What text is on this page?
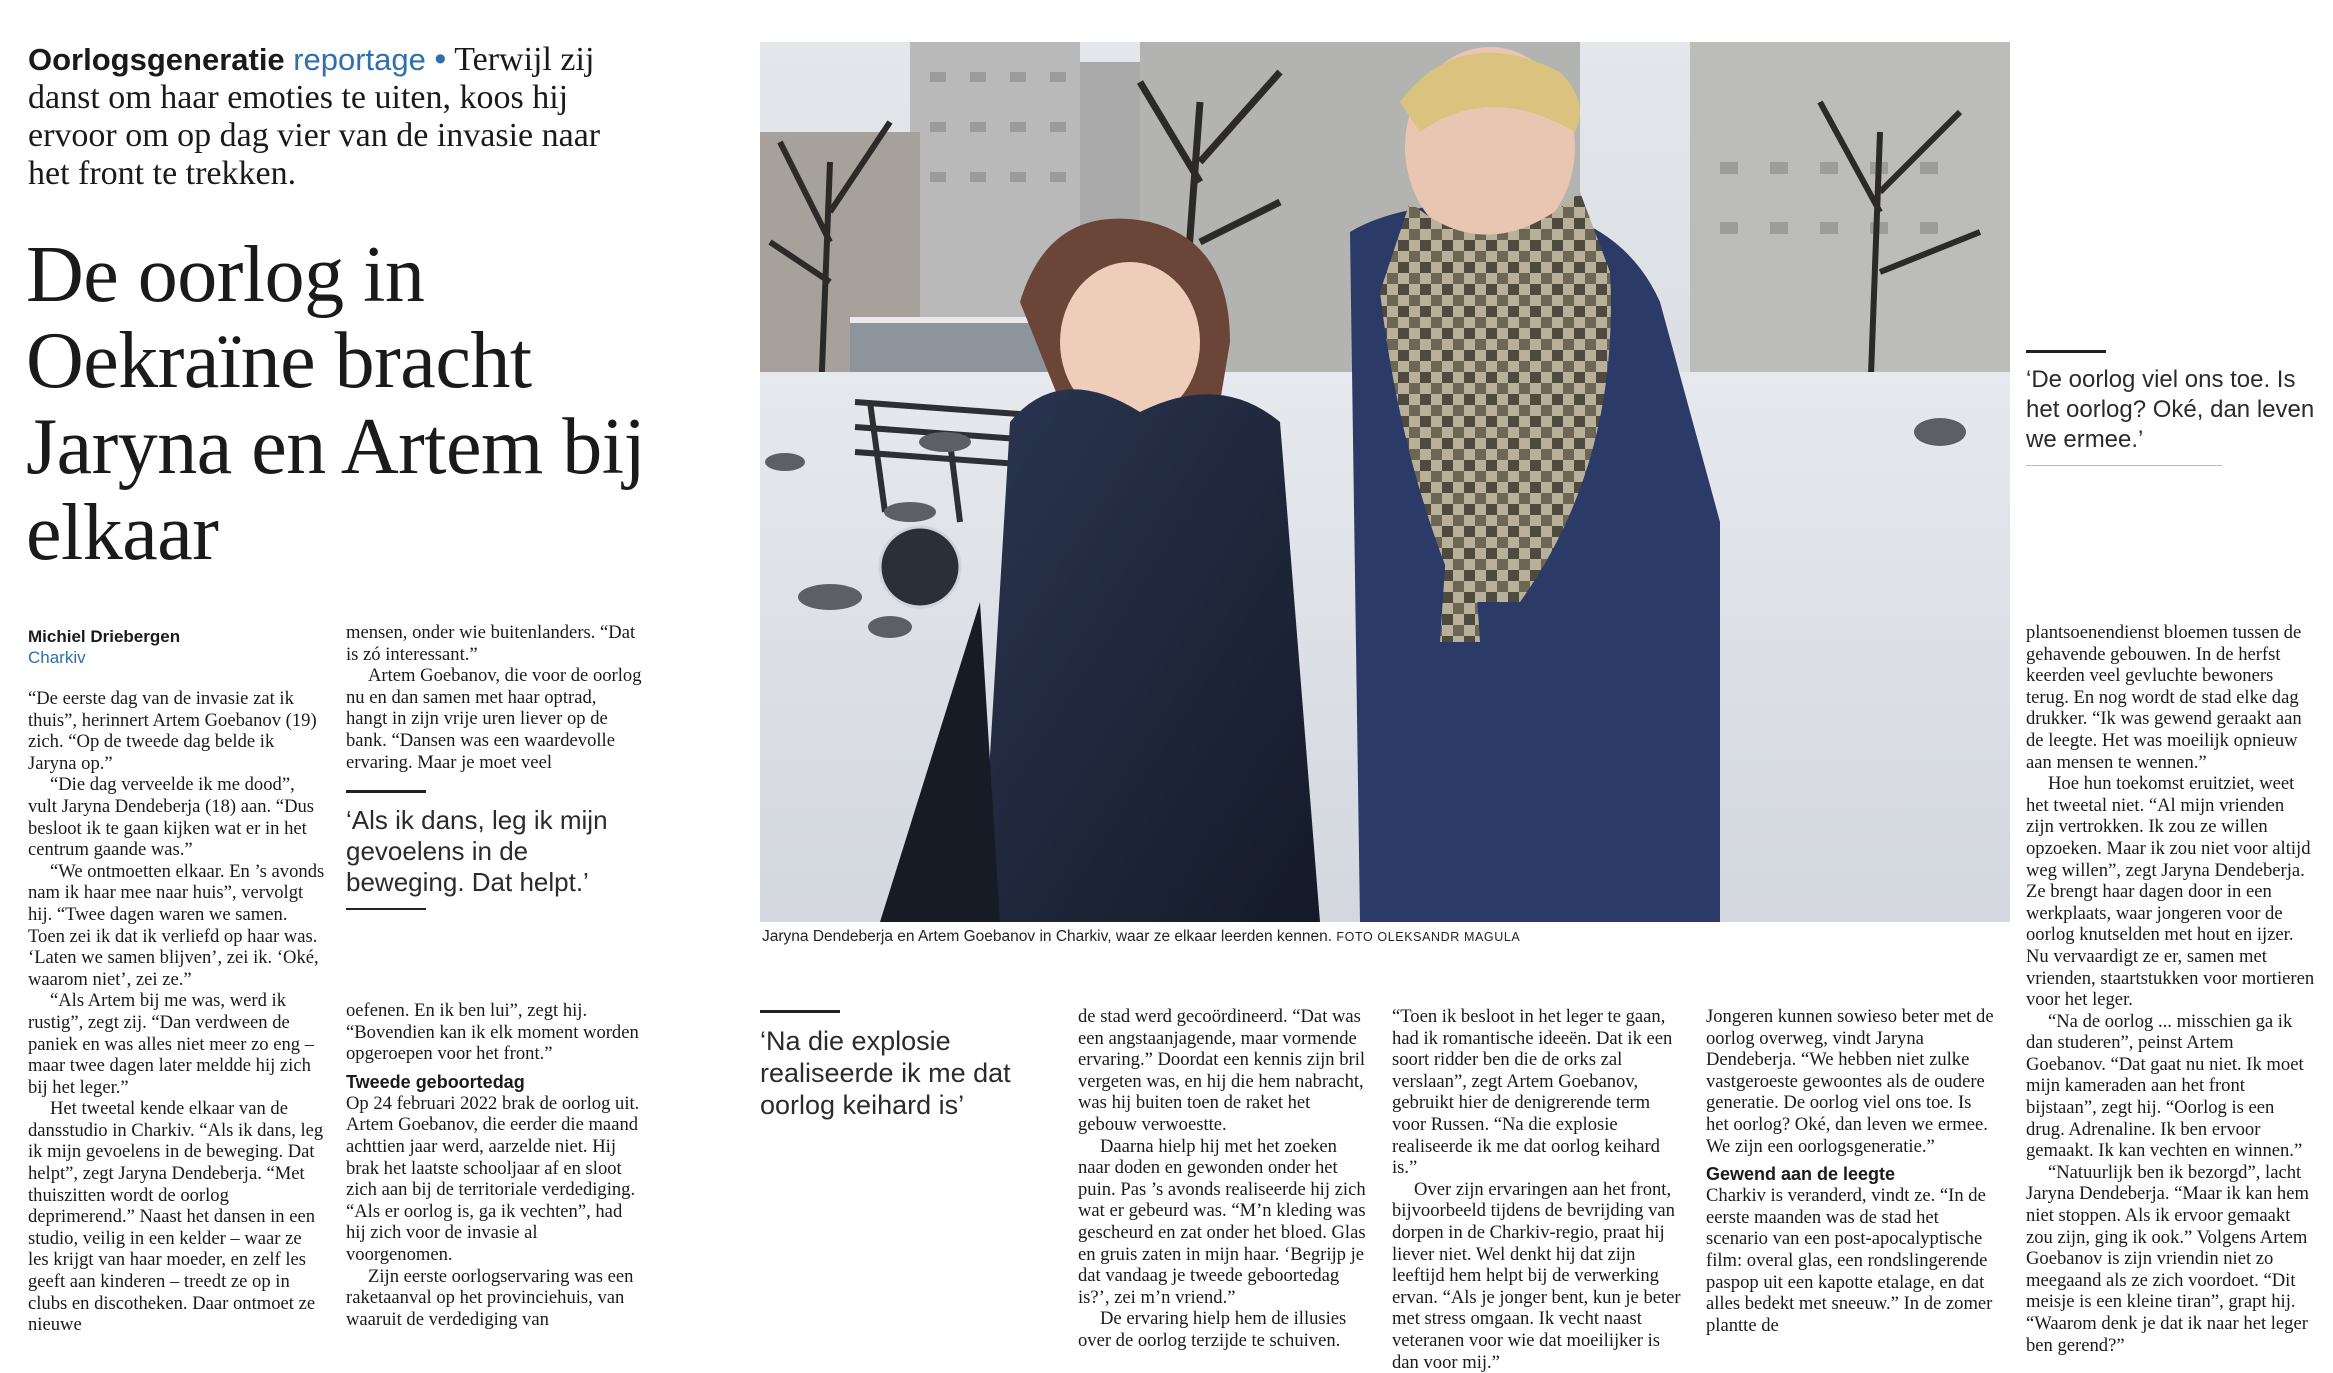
Oorlogsgeneratie reportage • Terwijl zij danst om haar emoties te uiten, koos hij ervoor om op dag vier van de invasie naar het front te trekken.
De oorlog in Oekraïne bracht Jaryna en Artem bij elkaar
Michiel Driebergen
Charkiv

“De eerste dag van de invasie zat ik thuis”, herinnert Artem Goebanov (19) zich. “Op de tweede dag belde ik Jaryna op.”

“Die dag verveelde ik me dood”, vult Jaryna Dendeberja (18) aan. “Dus besloot ik te gaan kijken wat er in het centrum gaande was.”

“We ontmoetten elkaar. En ’s avonds nam ik haar mee naar huis”, vervolgt hij. “Twee dagen waren we samen. Toen zei ik dat ik verliefd op haar was. ‘Laten we samen blijven’, zei ik. ‘Oké, waarom niet’, zei ze.”

“Als Artem bij me was, werd ik rustig”, zegt zij. “Dan verdween de paniek en was alles niet meer zo eng – maar twee dagen later meldde hij zich bij het leger.”

Het tweetal kende elkaar van de dansstudio in Charkiv. “Als ik dans, leg ik mijn gevoelens in de beweging. Dat helpt”, zegt Jaryna Dendeberja. “Met thuiszitten wordt de oorlog deprimerend.” Naast het dansen in een studio, veilig in een kelder – waar ze les krijgt van haar moeder, en zelf les geeft aan kinderen – treedt ze op in clubs en discotheken. Daar ontmoet ze nieuwe

mensen, onder wie buitenlanders. “Dat is zó interessant.”

Artem Goebanov, die voor de oorlog nu en dan samen met haar optrad, hangt in zijn vrije uren liever op de bank. “Dansen was een waardevolle ervaring. Maar je moet veel

‘Als ik dans, leg ik mijn gevoelens in de beweging. Dat helpt.’

oefenen. En ik ben lui”, zegt hij. “Bovendien kan ik elk moment worden opgeroepen voor het front.”

Tweede geboortedag

Op 24 februari 2022 brak de oorlog uit. Artem Goebanov, die eerder die maand achttien jaar werd, aarzelde niet. Hij brak het laatste schooljaar af en sloot zich aan bij de territoriale verdediging. “Als er oorlog is, ga ik vechten”, had hij zich voor de invasie al voorgenomen.

Zijn eerste oorlogservaring was een raketaanval op het provinciehuis, van waaruit de verdediging van

Jaryna Dendeberja en Artem Goebanov in Charkiv, waar ze elkaar leerden kennen. FOTO OLEKSANDR MAGULA
‘Na die explosie realiseerde ik me dat oorlog keihard is’

de stad werd gecoördineerd. “Dat was een angstaanjagende, maar vormende ervaring.” Doordat een kennis zijn bril vergeten was, en hij die hem nabracht, was hij buiten toen de raket het gebouw verwoestte.

Daarna hielp hij met het zoeken naar doden en gewonden onder het puin. Pas ’s avonds realiseerde hij zich wat er gebeurd was. “M’n kleding was gescheurd en zat onder het bloed. Glas en gruis zaten in mijn haar. ‘Begrijp je dat vandaag je tweede geboortedag is?’, zei m’n vriend.”

De ervaring hielp hem de illusies over de oorlog terzijde te schuiven.

“Toen ik besloot in het leger te gaan, had ik romantische ideeën. Dat ik een soort ridder ben die de orks zal verslaan”, zegt Artem Goebanov, gebruikt hier de denigrerende term voor Russen. “Na die explosie realiseerde ik me dat oorlog keihard is.”

Over zijn ervaringen aan het front, bijvoorbeeld tijdens de bevrijding van dorpen in de Charkiv-regio, praat hij liever niet. Wel denkt hij dat zijn leeftijd hem helpt bij de verwerking ervan. “Als je jonger bent, kun je beter met stress omgaan. Ik vecht naast veteranen voor wie dat moeilijker is dan voor mij.”

Jongeren kunnen sowieso beter met de oorlog overweg, vindt Jaryna Dendeberja. “We hebben niet zulke vastgeroeste gewoontes als de oudere generatie. De oorlog viel ons toe. Is het oorlog? Oké, dan leven we ermee. We zijn een oorlogsgeneratie.”

Gewend aan de leegte

Charkiv is veranderd, vindt ze. “In de eerste maanden was de stad het scenario van een post-apocalyptische film: overal glas, een rondslingerende paspop uit een kapotte etalage, en dat alles bedekt met sneeuw.” In de zomer plantte de

‘De oorlog viel ons toe. Is het oorlog? Oké, dan leven we ermee.’

plantsoenendienst bloemen tussen de gehavende gebouwen. In de herfst keerden veel gevluchte bewoners terug. En nog wordt de stad elke dag drukker. “Ik was gewend geraakt aan de leegte. Het was moeilijk opnieuw aan mensen te wennen.”

Hoe hun toekomst eruitziet, weet het tweetal niet. “Al mijn vrienden zijn vertrokken. Ik zou ze willen opzoeken. Maar ik zou niet voor altijd weg willen”, zegt Jaryna Dendeberja. Ze brengt haar dagen door in een werkplaats, waar jongeren voor de oorlog knutselden met hout en ijzer. Nu vervaardigt ze er, samen met vrienden, staartstukken voor mortieren voor het leger.

“Na de oorlog ... misschien ga ik dan studeren”, peinst Artem Goebanov. “Dat gaat nu niet. Ik moet mijn kameraden aan het front bijstaan”, zegt hij. “Oorlog is een drug. Adrenaline. Ik ben ervoor gemaakt. Ik kan vechten en winnen.”

“Natuurlijk ben ik bezorgd”, lacht Jaryna Dendeberja. “Maar ik kan hem niet stoppen. Als ik ervoor gemaakt zou zijn, ging ik ook.” Volgens Artem Goebanov is zijn vriendin niet zo meegaand als ze zich voordoet. “Dit meisje is een kleine tiran”, grapt hij. “Waarom denk je dat ik naar het leger ben gerend?”
